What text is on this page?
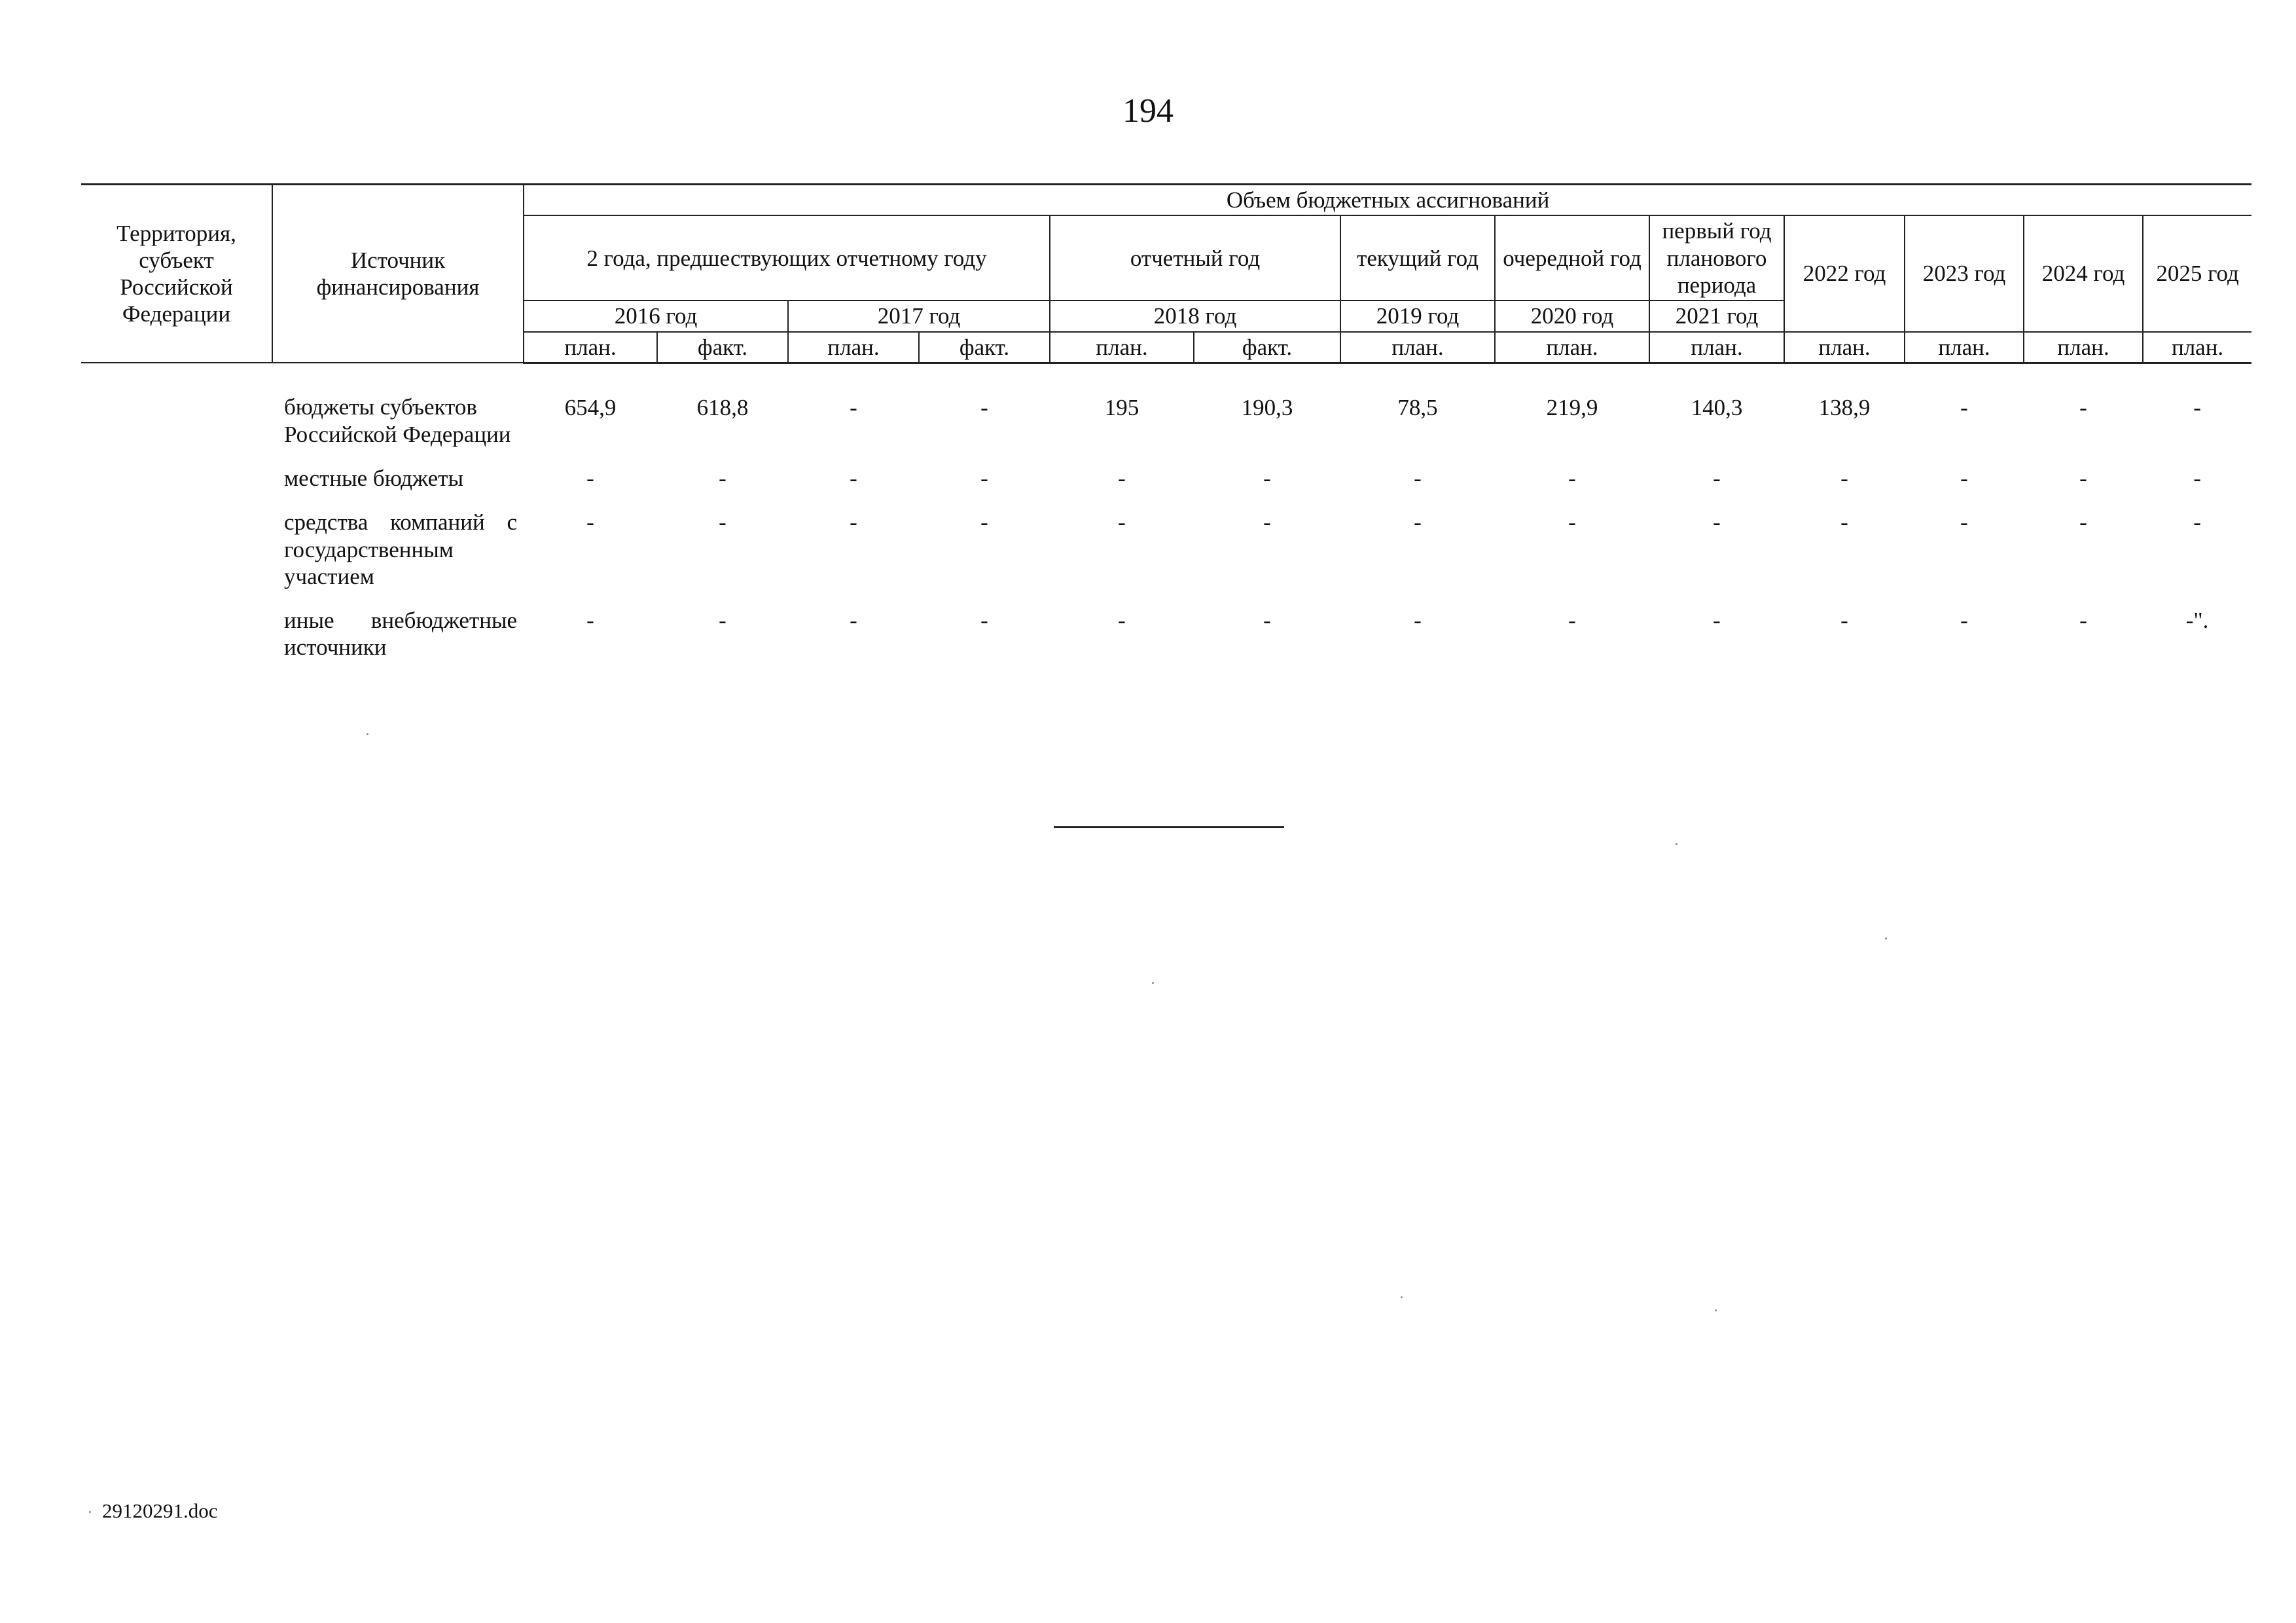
194
Территория, субъект Российской Федерации	Источник финансирования	Объем бюджетных ассигнований												
		2 года, предшествующих отчетному году				отчетный год		текущий год	очередной год	первый год планового периода	2022 год	2023 год	2024 год	2025 год
		2016 год		2017 год		2018 год		2019 год	2020 год	2021 год				
		план.	факт.	план.	факт.	план.	факт.	план.	план.	план.	план.	план.	план.	план.
	бюджеты субъектов Российской Федерации	654,9	618,8	-	-	195	190,3	78,5	219,9	140,3	138,9	-	-	-
	местные бюджеты	-	-	-	-	-	-	-	-	-	-	-	-	-
	средства компаний с государственным участием	-	-	-	-	-	-	-	-	-	-	-	-	-
	иные внебюджетные источники	-	-	-	-	-	-	-	-	-	-	-	-	-".
29120291.doc
